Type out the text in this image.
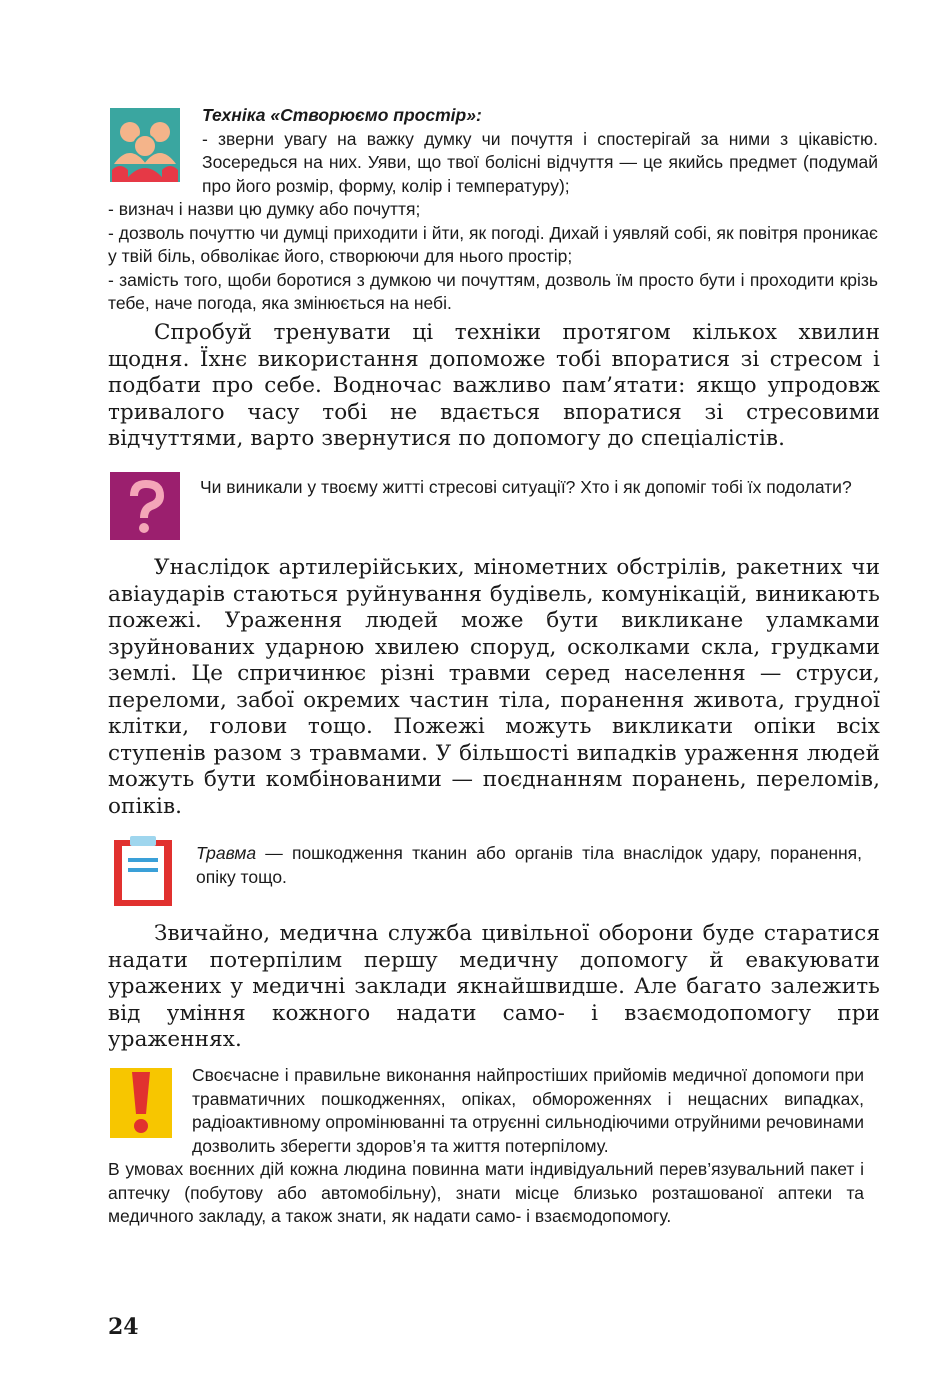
Техніка «Створюємо простір»:

- зверни увагу на важку думку чи почуття і спостерігай за ними з цікавістю. Зосередься на них. Уяви, що твої болісні відчуття — це якийсь предмет (подумай про його розмір, форму, колір і температуру);

- визнач і назви цю думку або почуття;

- дозволь почуттю чи думці приходити і йти, як погоді. Дихай і уявляй собі, як повітря проникає у твій біль, обволікає його, створюючи для нього простір;

- замість того, щоби боротися з думкою чи почуттям, дозволь їм просто бути і проходити крізь тебе, наче погода, яка змінюється на небі.

Спробуй тренувати ці техніки протягом кількох хвилин щодня. Їхнє використання допоможе тобі впоратися зі стресом і подбати про себе. Водночас важливо пам’ятати: якщо упродовж тривалого часу тобі не вдається впоратися зі стресовими відчуттями, варто звернутися по допомогу до спеціалістів.

Чи виникали у твоєму житті стресові ситуації? Хто і як допоміг тобі їх подолати?

Унаслідок артилерійських, мінометних обстрілів, ракетних чи авіаударів стаються руйнування будівель, комунікацій, виникають пожежі. Ураження людей може бути викликане уламками зруйнованих ударною хвилею споруд, осколками скла, грудками землі. Це спричинює різні травми серед населення — струси, переломи, забої окремих частин тіла, поранення живота, грудної клітки, голови тощо. Пожежі можуть викликати опіки всіх ступенів разом з травмами. У більшості випадків ураження людей можуть бути комбінованими — поєднанням поранень, переломів, опіків.

Травма — пошкодження тканин або органів тіла внаслідок удару, поранення, опіку тощо.

Звичайно, медична служба цивільної оборони буде старатися надати потерпілим першу медичну допомогу й евакуювати уражених у медичні заклади якнайшвидше. Але багато залежить від уміння кожного надати само- і взаємодопомогу при ураженнях.

Своєчасне і правильне виконання найпростіших прийомів медичної допомоги при травматичних пошкодженнях, опіках, обмороженнях і нещасних випадках, радіоактивному опромінюванні та отруєнні сильнодіючими отруйними речовинами дозволить зберегти здоров’я та життя потерпілому.

В умовах воєнних дій кожна людина повинна мати індивідуальний перев’язувальний пакет і аптечку (побутову або автомобільну), знати місце близько розташованої аптеки та медичного закладу, а також знати, як надати само- і взаємодопомогу.

24
